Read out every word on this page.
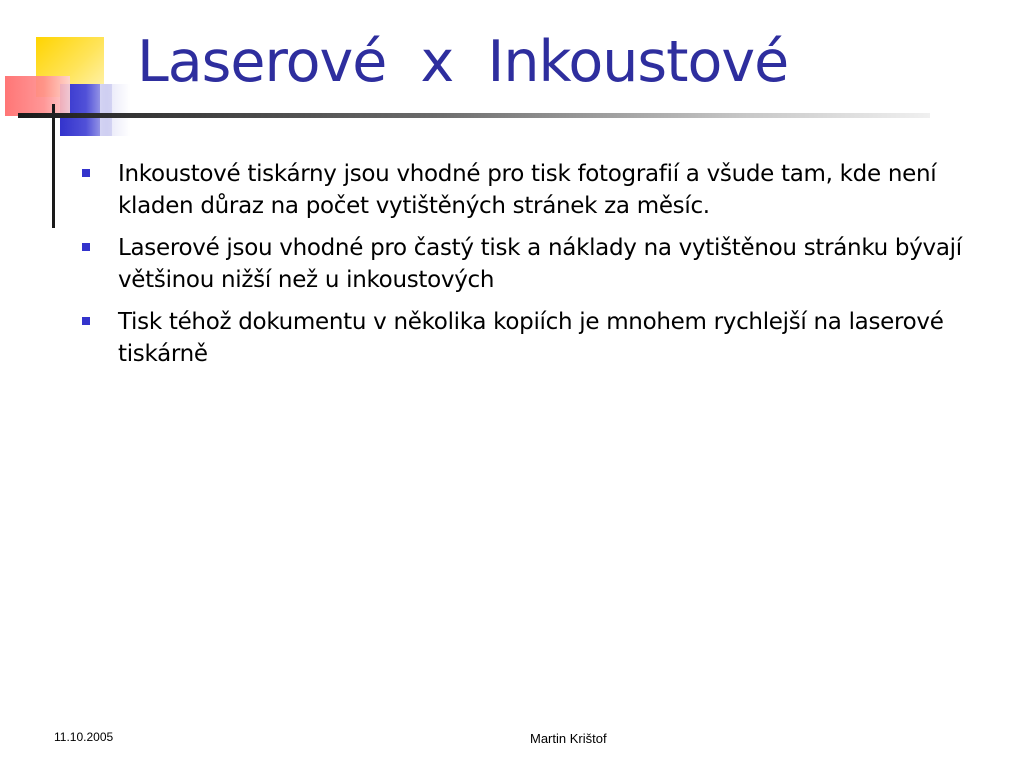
Laserové  x  Inkoustové
Inkoustové tiskárny jsou vhodné pro tisk fotografií a všude tam, kde není kladen důraz na počet vytištěných stránek za měsíc.
Laserové jsou vhodné pro častý tisk a náklady na vytištěnou stránku bývají většinou nižší než u inkoustových
Tisk téhož dokumentu v několika kopiích je mnohem rychlejší na laserové tiskárně
11.10.2005	Martin Krištof
